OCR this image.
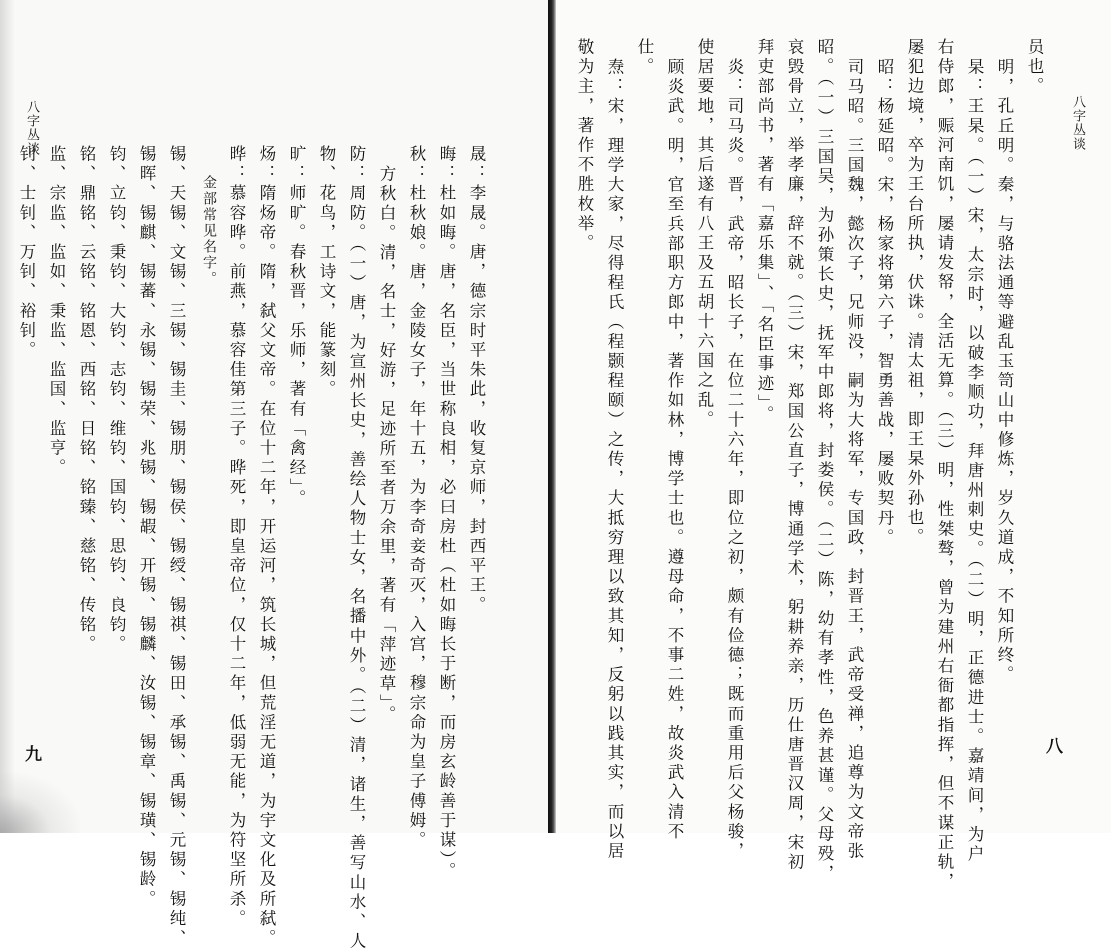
八字丛谈
九
晟：李晟。唐，德宗时平朱此，收复京师，封西平王。
晦：杜如晦。唐，名臣，当世称良相，必曰房杜（杜如晦长于断，而房玄龄善于谋）。
秋：杜秋娘。唐，金陵女子，年十五，为李奇妾奇灭，入宫，穆宗命为皇子傅姆。
方秋白。清，名士，好游，足迹所至者万余里，著有「萍迹草」。
防：周防。（一）唐，为宣州长史，善绘人物士女，名播中外。（二）清，诸生，善写山水、人
物、花鸟，工诗文，能篆刻。
旷：师旷。春秋晋，乐师，著有「禽经」。
炀：隋炀帝。隋，弑父文帝。在位十二年，开运河，筑长城，但荒淫无道，为宇文化及所弑。
晔：慕容晔。前燕，慕容佳第三子。晔死，即皇帝位，仅十二年，低弱无能，为符坚所杀。
金部常见名字。
锡、天锡、文锡、三锡、锡圭、锡朋、锡侯、锡绶、锡祺、锡田、承锡、禹锡、元锡、锡纯、
锡晖、锡麒、锡蕃、永锡、锡荣、兆锡、锡嘏、开锡、锡麟、汝锡、锡章、锡璜、锡龄。
钧、立钧、秉钧、大钧、志钧、维钧、国钧、思钧、良钧。
铭、鼎铭、云铭、铭恩、西铭、日铭、铭臻、慈铭、传铭。
监、宗监、监如、秉监、监国、监亨。
八字丛谈
八
员也。
明，孔丘明。秦，与骆法通等避乱玉笥山中修炼，岁久道成，不知所终。
杲：王杲。（一）宋，太宗时，以破李顺功，拜唐州刺史。（二）明，正德进士。嘉靖间，为户
右侍郎，赈河南饥，屡请发帑，全活无算。（三）明，性桀骜，曾为建州右衙都指挥，但不谋正轨，
屡犯边境，卒为王台所执，伏诛。清太祖，即王杲外孙也。
昭：杨延昭。宋，杨家将第六子，智勇善战，屡败契丹。
司马昭。三国魏，懿次子，兄师没，嗣为大将军，专国政，封晋王，武帝受禅，追尊为文帝张
昭。（一）三国吴，为孙策长史，抚军中郎将，封娄侯。（二）陈，幼有孝性，色养甚谨。父母殁，
哀毁骨立，举孝廉，辞不就。（三）宋，郑国公直子，博通学术，躬耕养亲，历仕唐晋汉周，宋初
拜吏部尚书，著有「嘉乐集」、「名臣事迹」。
炎：司马炎。晋，武帝，昭长子，在位二十六年，即位之初，颇有俭德；既而重用后父杨骏，
使居要地，其后遂有八王及五胡十六国之乱。
顾炎武。明，官至兵部职方郎中，著作如林，博学士也。遵母命，不事二姓，故炎武入清不
仕。
焘：宋，理学大家，尽得程氏（程颢程颐）之传，大抵穷理以致其知，反躬以践其实，而以居
敬为主，著作不胜枚举。
钊、士钊、万钊、裕钊。
